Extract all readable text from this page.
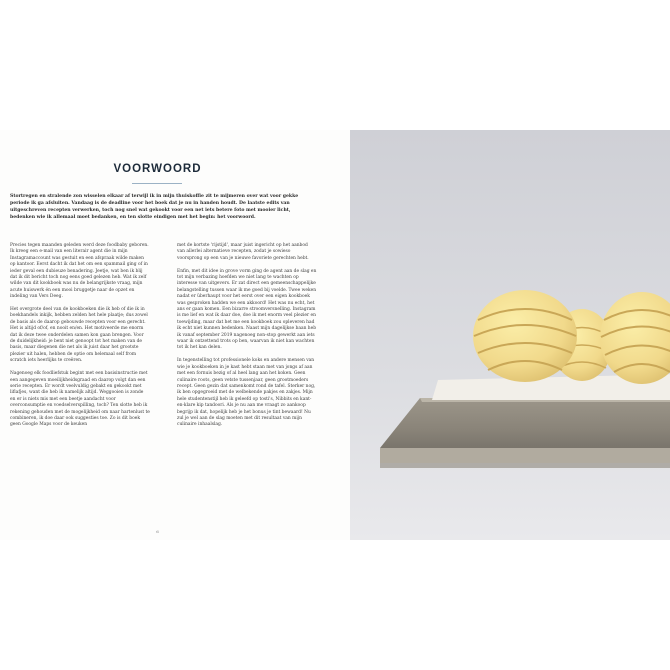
VOORWOORD

Stortregen en stralende zon wisselen elkaar af terwijl ik in mijn thuiskoffie zit te mijmeren over wat voor gekke periode ik ga afsluiten. Vandaag is de deadline voor het boek dat je nu in handen houdt. De laatste edits van uitgeschreven recepten verwerken, toch nog snel wat gekookt voor een net iets betere foto met mooier licht, bedenken wie ik allemaal moet bedanken, en ten slotte eindigen met het begin: het voorwoord.

Precies tegen maanden geleden werd deze foodbaby geboren. Ik kreeg een e-mail van een literair agent die in mijn Instagramaccount was gestuit en een afspraak wilde maken op kantoor. Eerst dacht ik dat het om een spammail ging of in ieder geval een dubieuze benadering. Jeetje, wat ben ik blij dat ik dit bericht toch nog eens goed gelezen heb. Wat ik zelf wilde van dit kookboek was nu de belangrijkste vraag, mijn acute huiswerk én een mooi bruggetje naar de opzet en indeling van Vers Deeg.

Het overgrote deel van de kookboeken die ik heb of die ik in boekhandels inkijk, hebben zelden het hele plaatje; dus zowel de basis als de daarop gebouwde recepten voor een gerecht. Het is altijd of/of, en nooit en/en. Het motiveerde me enorm dat ik deze twee onderdelen samen kon gaan brengen. Voor de duidelijkheid: je bent niet genoopt tot het maken van de basis, maar diegenen die net als ik juist daar het grootste plezier uit halen, hebben de optie om helemaal self from scratch iets heerlijks te creëren.

Nagenoeg elk foodliefstuk begint met een basisinstructie met een aangegeven moeilijkheidsgraad en daarop volgt dan een serie recepten. Er wordt veelvuldig gebakt en gekookt met liflafjes, want die heb ik namelijk altijd. Weggooien is zonde en er is niets mis met een beetje aandacht voor overconsumptie en voedselverspilling, toch? Ten slotte heb ik rekening gehouden met de mogelijkheid om naar hartenlust te combineren, ik doe daar ook suggesties toe. Zo is dit boek geen Google Maps voor de keuken

met de kortste 'rijstijd', maar juist ingericht op het aanbod van allerlei alternatieve recepten, zodat je sowieso voorsprong op een van je nieuwe favoriete gerechten hebt.

Enfin, met dit idee in grove vorm ging de agent aan de slag en tot mijn verbazing hoefden we niet lang te wachten op interesse van uitgevers. Er zat direct een gemeenschappelijke belangstelling tussen waar ik me goed bij voelde. Twee weken nadat er überhaupt voor het eerst over een eigen kookboek was gesproken hadden we een akkoord! Het was nu echt, het ans er gaan komen. Een bizarre stroomversnelling. Instagram is me lief en wat ik daar doe, doe ik met enorm veel plezier en toewijding, maar dat het me een kookboek zou opleveren had ik echt niet kunnen bedenken. Naast mijn dagelijkse baan heb ik vanaf september 2019 nagenoeg non-stop gewerkt aan iets waar ik ontzettend trots op ben, waarvan ik niet kan wachten tot ik het kan delen.

In tegenstelling tot professionele koks en andere mensen van wie je kookboeken in je kast hebt staan met van jongs af aan met een fornuis bezig of al heel lang aan het koken. Geen culinaire roots, geen vetste tussenjaar, geen grootmoeders recept. Geen gezin dat samenkomt rond de tafel. Sterker nog, ik ben opgegroeid met de welbekende pakjes en zakjes. Mijn hele studentenstijl heb ik geleefd op tosti's, Nibbits en kant-en-klare kip tandoori. Als je nu aan me vraagt zo aankoop begrijp ik dat, hopelijk heb je het bonus je tint bewaard! Nu zul je wel aan de slag moeten met dit resultaat van mijn culinaire inhaalslag.

6
